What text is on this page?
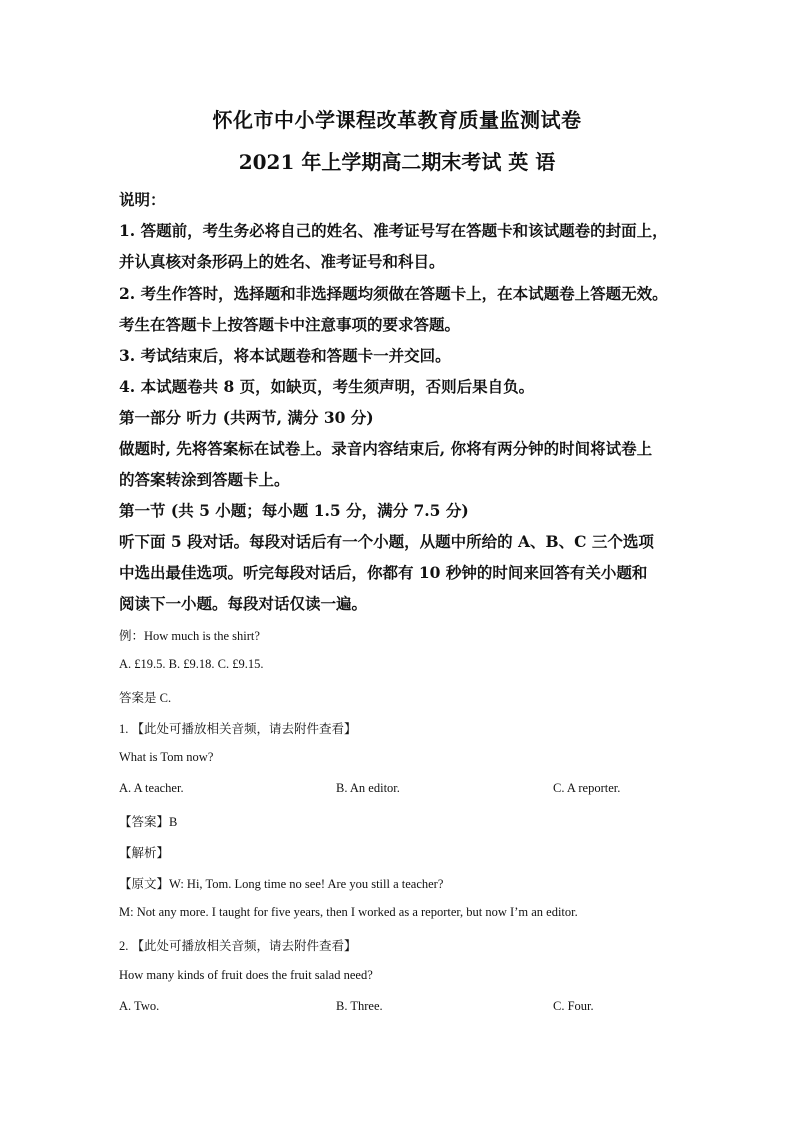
怀化市中小学课程改革教育质量监测试卷
2021 年上学期高二期末考试 英 语
说明：
1. 答题前，考生务必将自己的姓名、准考证号写在答题卡和该试题卷的封面上，
并认真核对条形码上的姓名、准考证号和科目。
2. 考生作答时，选择题和非选择题均须做在答题卡上，在本试题卷上答题无效。
考生在答题卡上按答题卡中注意事项的要求答题。
3. 考试结束后，将本试题卷和答题卡一并交回。
4. 本试题卷共 8 页，如缺页，考生须声明，否则后果自负。
第一部分 听力 (共两节, 满分 30 分)
做题时, 先将答案标在试卷上。录音内容结束后, 你将有两分钟的时间将试卷上
的答案转涂到答题卡上。
第一节 (共 5 小题；每小题 1.5 分，满分 7.5 分)
听下面 5 段对话。每段对话后有一个小题，从题中所给的 A、B、C 三个选项
中选出最佳选项。听完每段对话后，你都有 10 秒钟的时间来回答有关小题和
阅读下一小题。每段对话仅读一遍。
例：How much is the shirt?
A. £19.5. B. £9.18. C. £9.15.
答案是 C.
1. 【此处可播放相关音频，请去附件查看】
What is Tom now?
A. A teacher.	B. An editor.	C. A reporter.
【答案】B
【解析】
【原文】W: Hi, Tom. Long time no see! Are you still a teacher?
M: Not any more. I taught for five years, then I worked as a reporter, but now I’m an editor.
2. 【此处可播放相关音频，请去附件查看】
How many kinds of fruit does the fruit salad need?
A. Two.	B. Three.	C. Four.
